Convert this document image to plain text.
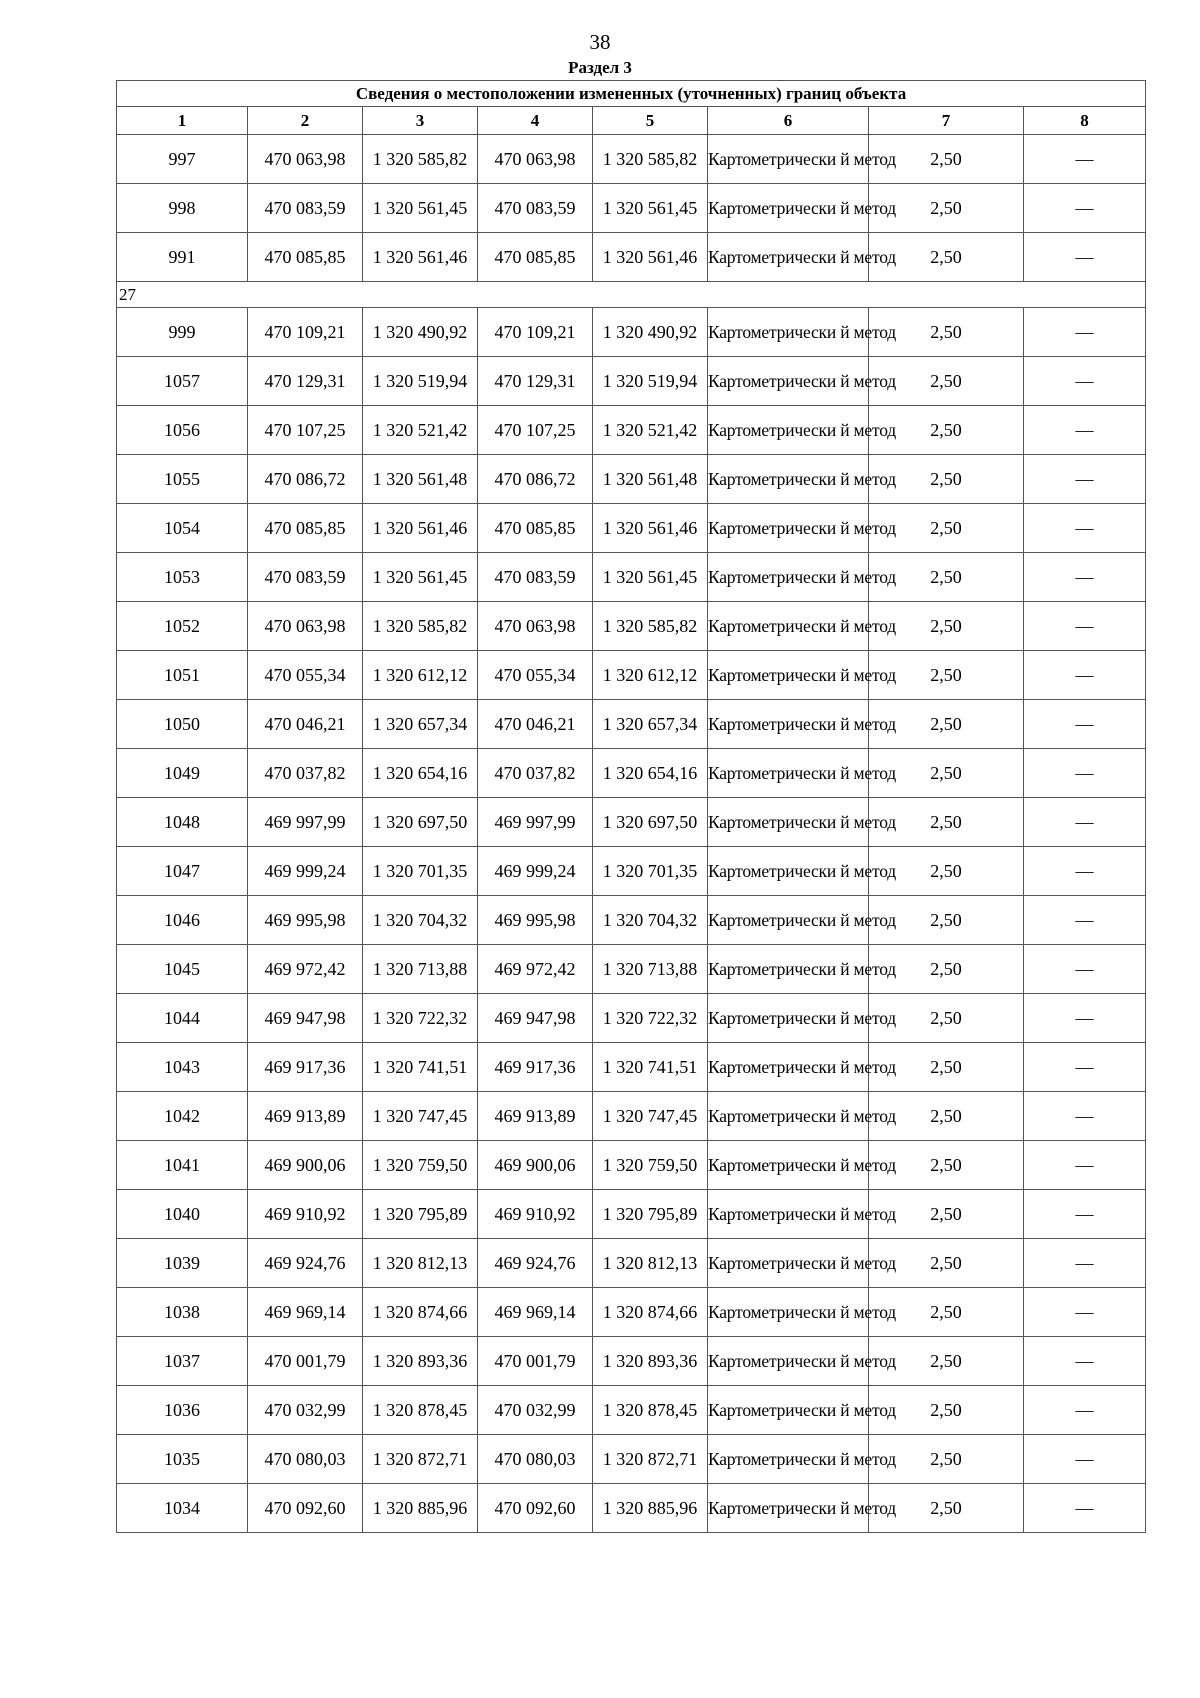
38
Раздел 3
Сведения о местоположении измененных (уточненных) границ объекта							
1	2	3	4	5	6	7	8
997	470 063,98	1 320 585,82	470 063,98	1 320 585,82	Картометрически й метод	2,50	—
998	470 083,59	1 320 561,45	470 083,59	1 320 561,45	Картометрически й метод	2,50	—
991	470 085,85	1 320 561,46	470 085,85	1 320 561,46	Картометрически й метод	2,50	—
27							
999	470 109,21	1 320 490,92	470 109,21	1 320 490,92	Картометрически й метод	2,50	—
1057	470 129,31	1 320 519,94	470 129,31	1 320 519,94	Картометрически й метод	2,50	—
1056	470 107,25	1 320 521,42	470 107,25	1 320 521,42	Картометрически й метод	2,50	—
1055	470 086,72	1 320 561,48	470 086,72	1 320 561,48	Картометрически й метод	2,50	—
1054	470 085,85	1 320 561,46	470 085,85	1 320 561,46	Картометрически й метод	2,50	—
1053	470 083,59	1 320 561,45	470 083,59	1 320 561,45	Картометрически й метод	2,50	—
1052	470 063,98	1 320 585,82	470 063,98	1 320 585,82	Картометрически й метод	2,50	—
1051	470 055,34	1 320 612,12	470 055,34	1 320 612,12	Картометрически й метод	2,50	—
1050	470 046,21	1 320 657,34	470 046,21	1 320 657,34	Картометрически й метод	2,50	—
1049	470 037,82	1 320 654,16	470 037,82	1 320 654,16	Картометрически й метод	2,50	—
1048	469 997,99	1 320 697,50	469 997,99	1 320 697,50	Картометрически й метод	2,50	—
1047	469 999,24	1 320 701,35	469 999,24	1 320 701,35	Картометрически й метод	2,50	—
1046	469 995,98	1 320 704,32	469 995,98	1 320 704,32	Картометрически й метод	2,50	—
1045	469 972,42	1 320 713,88	469 972,42	1 320 713,88	Картометрически й метод	2,50	—
1044	469 947,98	1 320 722,32	469 947,98	1 320 722,32	Картометрически й метод	2,50	—
1043	469 917,36	1 320 741,51	469 917,36	1 320 741,51	Картометрически й метод	2,50	—
1042	469 913,89	1 320 747,45	469 913,89	1 320 747,45	Картометрически й метод	2,50	—
1041	469 900,06	1 320 759,50	469 900,06	1 320 759,50	Картометрически й метод	2,50	—
1040	469 910,92	1 320 795,89	469 910,92	1 320 795,89	Картометрически й метод	2,50	—
1039	469 924,76	1 320 812,13	469 924,76	1 320 812,13	Картометрически й метод	2,50	—
1038	469 969,14	1 320 874,66	469 969,14	1 320 874,66	Картометрически й метод	2,50	—
1037	470 001,79	1 320 893,36	470 001,79	1 320 893,36	Картометрически й метод	2,50	—
1036	470 032,99	1 320 878,45	470 032,99	1 320 878,45	Картометрически й метод	2,50	—
1035	470 080,03	1 320 872,71	470 080,03	1 320 872,71	Картометрически й метод	2,50	—
1034	470 092,60	1 320 885,96	470 092,60	1 320 885,96	Картометрически й метод	2,50	—
